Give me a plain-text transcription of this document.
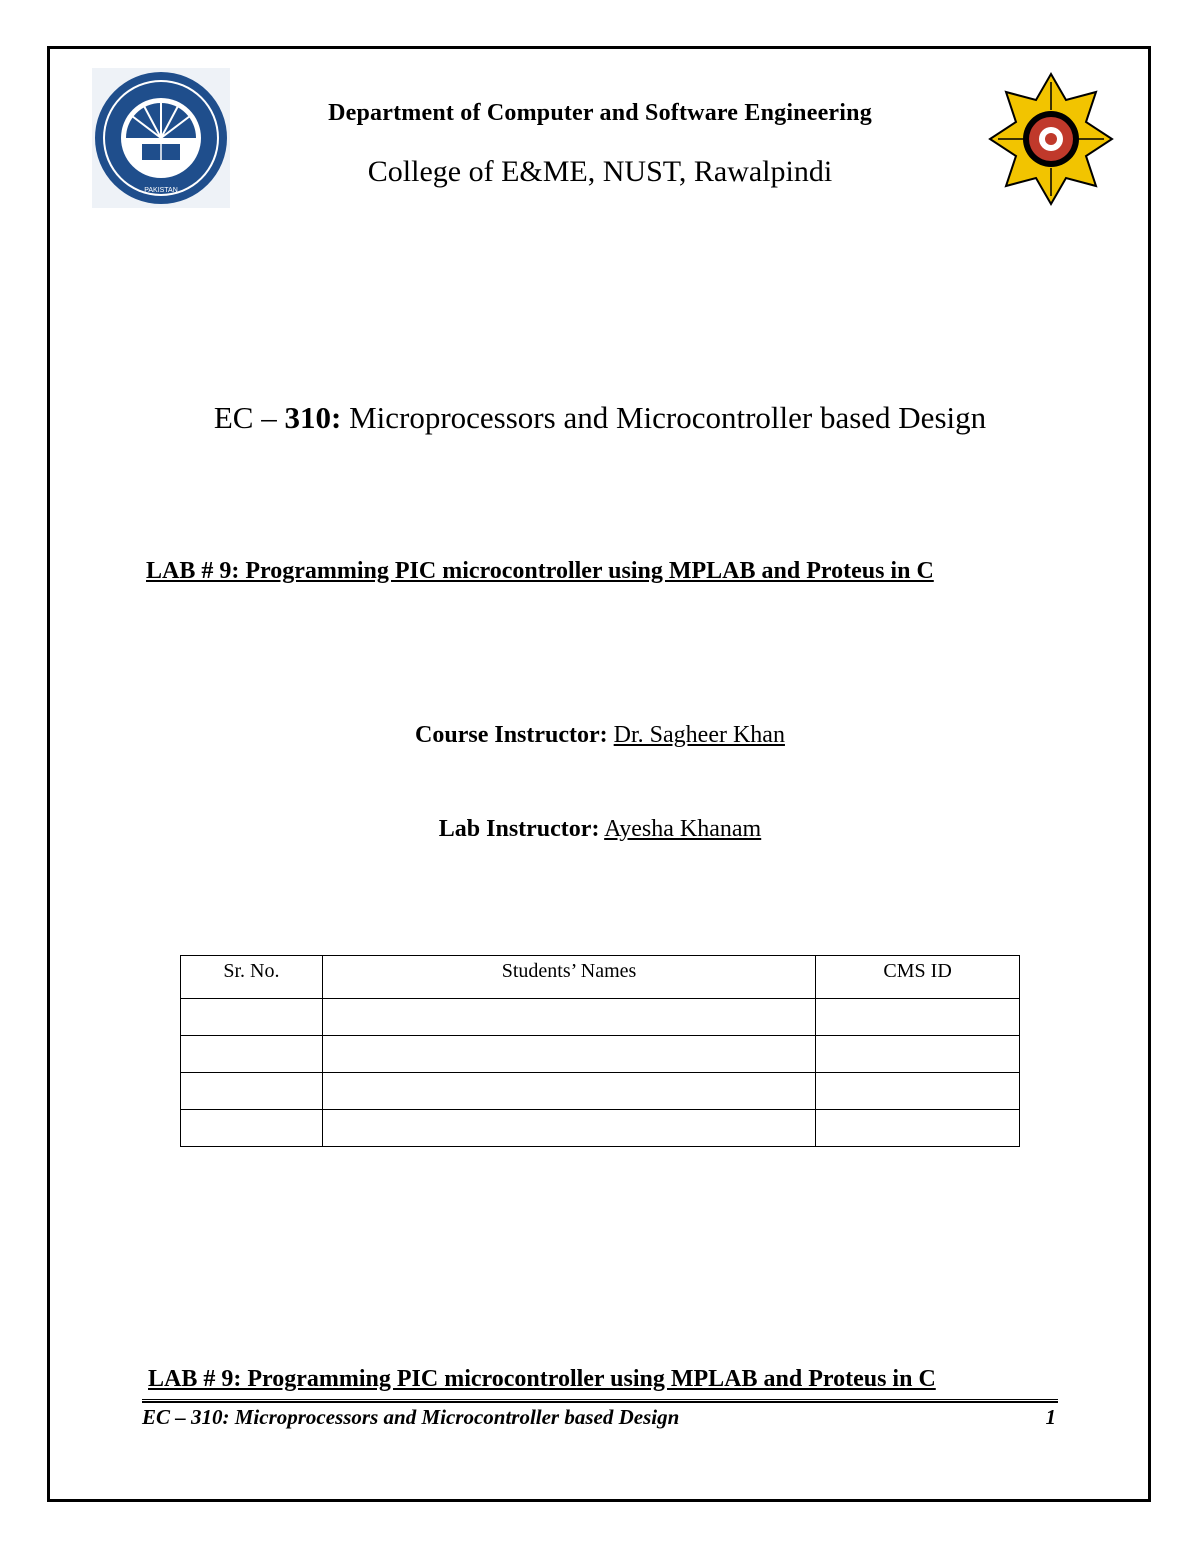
PAKISTAN
Department of Computer and Software Engineering
College of E&ME, NUST, Rawalpindi
EC – 310: Microprocessors and Microcontroller based Design
LAB # 9: Programming PIC microcontroller using MPLAB and Proteus in C
Course Instructor: Dr. Sagheer Khan
Lab Instructor: Ayesha Khanam
Sr. No.	Students’ Names	CMS ID

LAB # 9: Programming PIC microcontroller using MPLAB and Proteus in C
EC – 310: Microprocessors and Microcontroller based Design	1
